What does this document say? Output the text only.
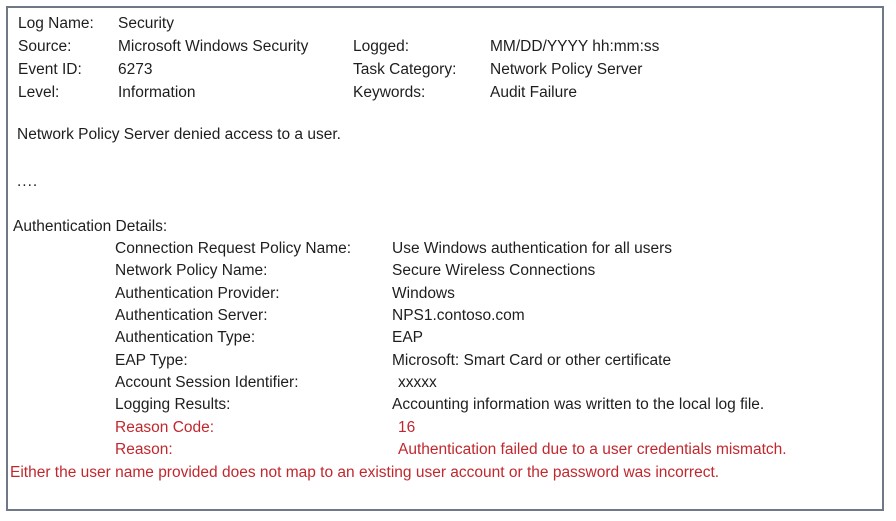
Log Name: Security
Source:	Microsoft Windows Security	Logged:	MM/DD/YYYY hh:mm:ss
Event ID: 6273	Task Category: Network Policy Server
Level:	Information	Keywords:	Audit Failure
Network Policy Server denied access to a user.
....
Authentication Details:
Connection Request Policy Name:	Use Windows authentication for all users
Network Policy Name:	Secure Wireless Connections
Authentication Provider:	Windows
Authentication Server:	NPS1.contoso.com
Authentication Type:	EAP
EAP Type:	Microsoft: Smart Card or other certificate
Account Session Identifier:	xxxxx
Logging Results:	Accounting information was written to the local log file.
Reason Code:	16
Reason:	Authentication failed due to a user credentials mismatch.
Either the user name provided does not map to an existing user account or the password was incorrect.
